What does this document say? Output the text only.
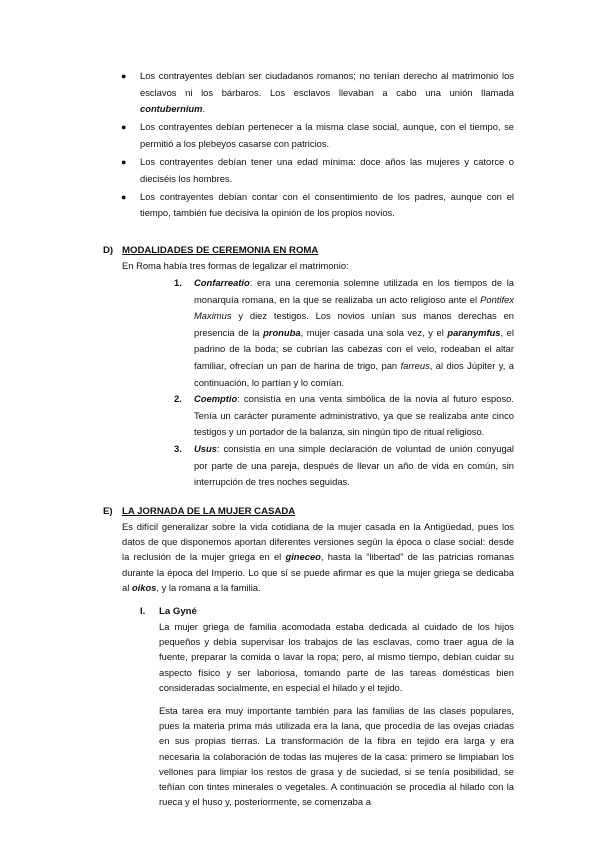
● Los contrayentes debían ser ciudadanos romanos; no tenían derecho al matrimonio los esclavos ni los bárbaros. Los esclavos llevaban a cabo una unión llamada contubernium.
● Los contrayentes debían pertenecer a la misma clase social, aunque, con el tiempo, se permitió a los plebeyos casarse con patricios.
● Los contrayentes debían tener una edad mínima: doce años las mujeres y catorce o dieciséis los hombres.
● Los contrayentes debían contar con el consentimiento de los padres, aunque con el tiempo, también fue decisiva la opinión de los propios novios.
D) MODALIDADES DE CEREMONIA EN ROMA
En Roma había tres formas de legalizar el matrimonio:
1. Confarreatio: era una ceremonia solemne utilizada en los tiempos de la monarquía romana, en la que se realizaba un acto religioso ante el Pontifex Maximus y diez testigos. Los novios unían sus manos derechas en presencia de la pronuba, mujer casada una sola vez, y el paranymfus, el padrino de la boda; se cubrían las cabezas con el velo, rodeaban el altar familiar, ofrecían un pan de harina de trigo, pan farreus, al dios Júpiter y, a continuación, lo partían y lo comían.
2. Coemptio: consistía en una venta simbólica de la novia al futuro esposo. Tenía un carácter puramente administrativo, ya que se realizaba ante cinco testigos y un portador de la balanza, sin ningún tipo de ritual religioso.
3. Usus: consistía en una simple declaración de voluntad de unión conyugal por parte de una pareja, después de llevar un año de vida en común, sin interrupción de tres noches seguidas.
E) LA JORNADA DE LA MUJER CASADA
Es difícil generalizar sobre la vida cotidiana de la mujer casada en la Antigüedad, pues los datos de que disponemos aportan diferentes versiones según la época o clase social: desde la reclusión de la mujer griega en el gineceo, hasta la “libertad” de las patricias romanas durante la época del Imperio. Lo que sí se puede afirmar es que la mujer griega se dedicaba al oikos, y la romana a la familia.
I. La Gyné
La mujer griega de familia acomodada estaba dedicada al cuidado de los hijos pequeños y debía supervisar los trabajos de las esclavas, como traer agua de la fuente, preparar la comida o lavar la ropa; pero, al mismo tiempo, debían cuidar su aspecto físico y ser laboriosa, tomando parte de las tareas domésticas bien consideradas socialmente, en especial el hilado y el tejido.
Esta tarea era muy importante también para las familias de las clases populares, pues la materia prima más utilizada era la lana, que procedía de las ovejas criadas en sus propias tierras. La transformación de la fibra en tejido era larga y era necesaria la colaboración de todas las mujeres de la casa: primero se limpiaban los vellones para limpiar los restos de grasa y de suciedad, si se tenía posibilidad, se teñían con tintes minerales o vegetales. A continuación se procedía al hilado con la rueca y el huso y, posteriormente, se comenzaba a
